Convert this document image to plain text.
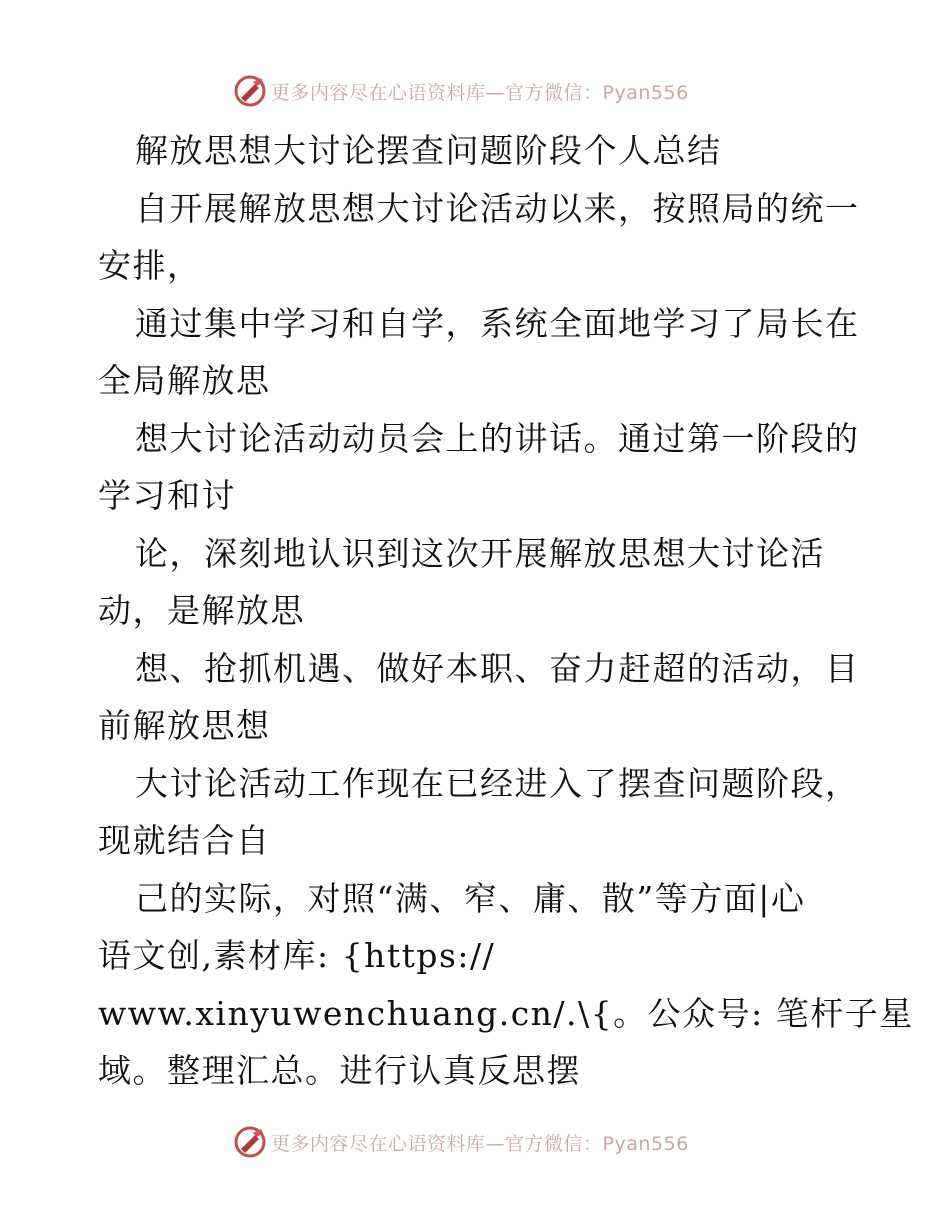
更多内容尽在心语资料库—官方微信：Pyan556
解放思想大讨论摆查问题阶段个人总结
自开展解放思想大讨论活动以来，按照局的统一
安排，
通过集中学习和自学，系统全面地学习了局长在
全局解放思
想大讨论活动动员会上的讲话。通过第一阶段的
学习和讨
论，深刻地认识到这次开展解放思想大讨论活
动，是解放思
想、抢抓机遇、做好本职、奋力赶超的活动，目
前解放思想
大讨论活动工作现在已经进入了摆查问题阶段，
现就结合自
己的实际，对照“满、窄、庸、散”等方面|心
语文创,素材库: {https://
www.xinyuwenchuang.cn/.\{。公众号: 笔杆子星
域。整理汇总。进行认真反思摆
更多内容尽在心语资料库—官方微信：Pyan556
